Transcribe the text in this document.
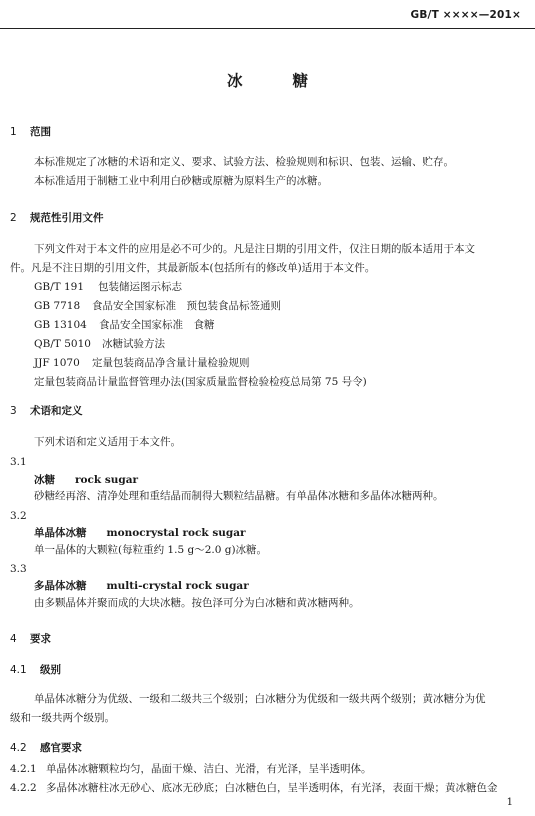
GB/T ××××—201×
冰糖
1 范围
本标准规定了冰糖的术语和定义、要求、试验方法、检验规则和标识、包装、运输、贮存。
本标准适用于制糖工业中利用白砂糖或原糖为原料生产的冰糖。
2 规范性引用文件
下列文件对于本文件的应用是必不可少的。凡是注日期的引用文件，仅注日期的版本适用于本文
件。凡是不注日期的引用文件，其最新版本(包括所有的修改单)适用于本文件。
GB/T 191 包装储运图示标志
GB 7718 食品安全国家标准　预包装食品标签通则
GB 13104 食品安全国家标准　食糖
QB/T 5010 冰糖试验方法
JJF 1070 定量包装商品净含量计量检验规则
定量包装商品计量监督管理办法(国家质量监督检验检疫总局第 75 号令)
3 术语和定义
下列术语和定义适用于本文件。
3.1
冰糖 rock sugar
砂糖经再溶、清净处理和重结晶而制得大颗粒结晶糖。有单晶体冰糖和多晶体冰糖两种。
3.2
单晶体冰糖 monocrystal rock sugar
单一晶体的大颗粒(每粒重约 1.5 g～2.0 g)冰糖。
3.3
多晶体冰糖 multi-crystal rock sugar
由多颗晶体并聚而成的大块冰糖。按色泽可分为白冰糖和黄冰糖两种。
4 要求
4.1 级别
单晶体冰糖分为优级、一级和二级共三个级别；白冰糖分为优级和一级共两个级别；黄冰糖分为优
级和一级共两个级别。
4.2 感官要求
4.2.1 单晶体冰糖颗粒均匀，晶面干燥、洁白、光滑，有光泽，呈半透明体。
4.2.2 多晶体冰糖柱冰无砂心、底冰无砂底；白冰糖色白，呈半透明体，有光泽，表面干燥；黄冰糖色金
1
